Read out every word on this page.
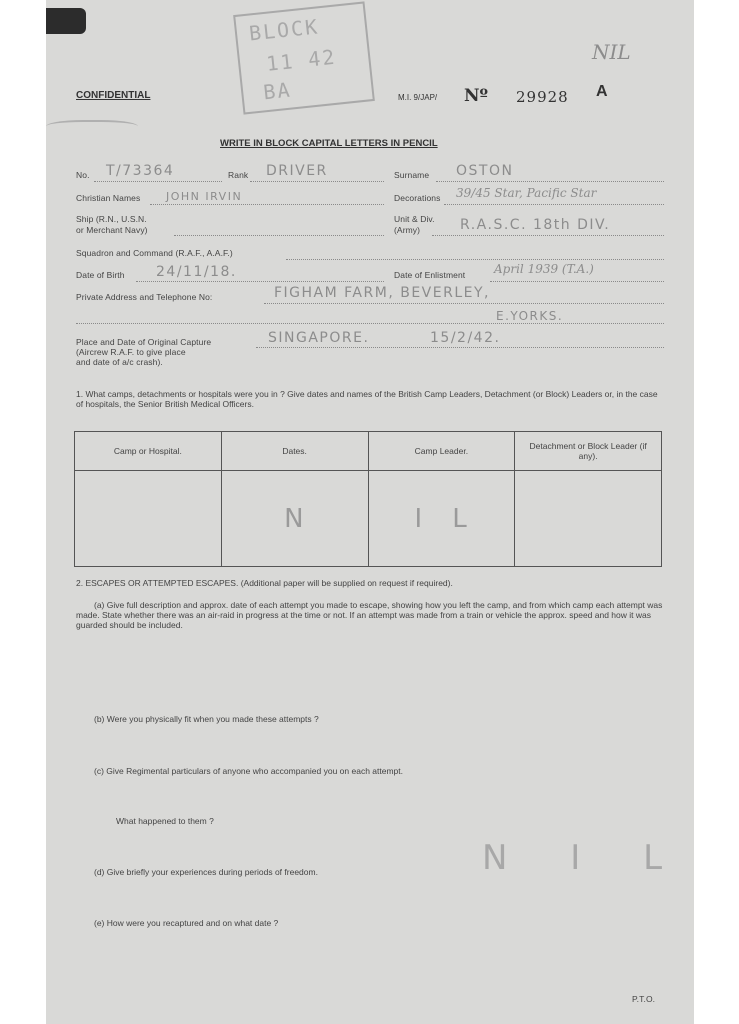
NIL
BLOCK
11 42
BA
CONFIDENTIAL	M.I. 9/JAP/ Nº 29928 A
WRITE IN BLOCK CAPITAL LETTERS IN PENCIL
No. T/73364	Rank DRIVER	Surname OSTON
Christian Names JOHN IRVIN	Decorations 39/45 Star, Pacific Star
Ship (R.N., U.S.N.
or Merchant Navy)
Unit & Div.
(Army)	R.A.S.C. 18th DIV.
Squadron and Command (R.A.F., A.A.F.)
Date of Birth 24/11/18.	Date of Enlistment April 1939 (T.A.)
Private Address and Telephone No:	FIGHAM FARM, BEVERLEY,
E.YORKS.
Place and Date of Original Capture
(Aircrew R.A.F. to give place
and date of a/c crash).
SINGAPORE.	15/2/42.
1. What camps, detachments or hospitals were you in ? Give dates and names of the British Camp Leaders, Detachment (or Block) Leaders or, in the case of hospitals, the Senior British Medical Officers.
2. ESCAPES OR ATTEMPTED ESCAPES. (Additional paper will be supplied on request if required).
(a) Give full description and approx. date of each attempt you made to escape, showing how you left the camp, and from which camp each attempt was made. State whether there was an air-raid in progress at the time or not. If an attempt was made from a train or vehicle the approx. speed and how it was guarded should be included.
(b) Were you physically fit when you made these attempts ?
(c) Give Regimental particulars of anyone who accompanied you on each attempt.
What happened to them ?
N I L
(d) Give briefly your experiences during periods of freedom.
(e) How were you recaptured and on what date ?
P.T.O.
Camp or Hospital.	Dates.	Camp Leader.	Detachment or Block Leader (if any).
	N	IL	
